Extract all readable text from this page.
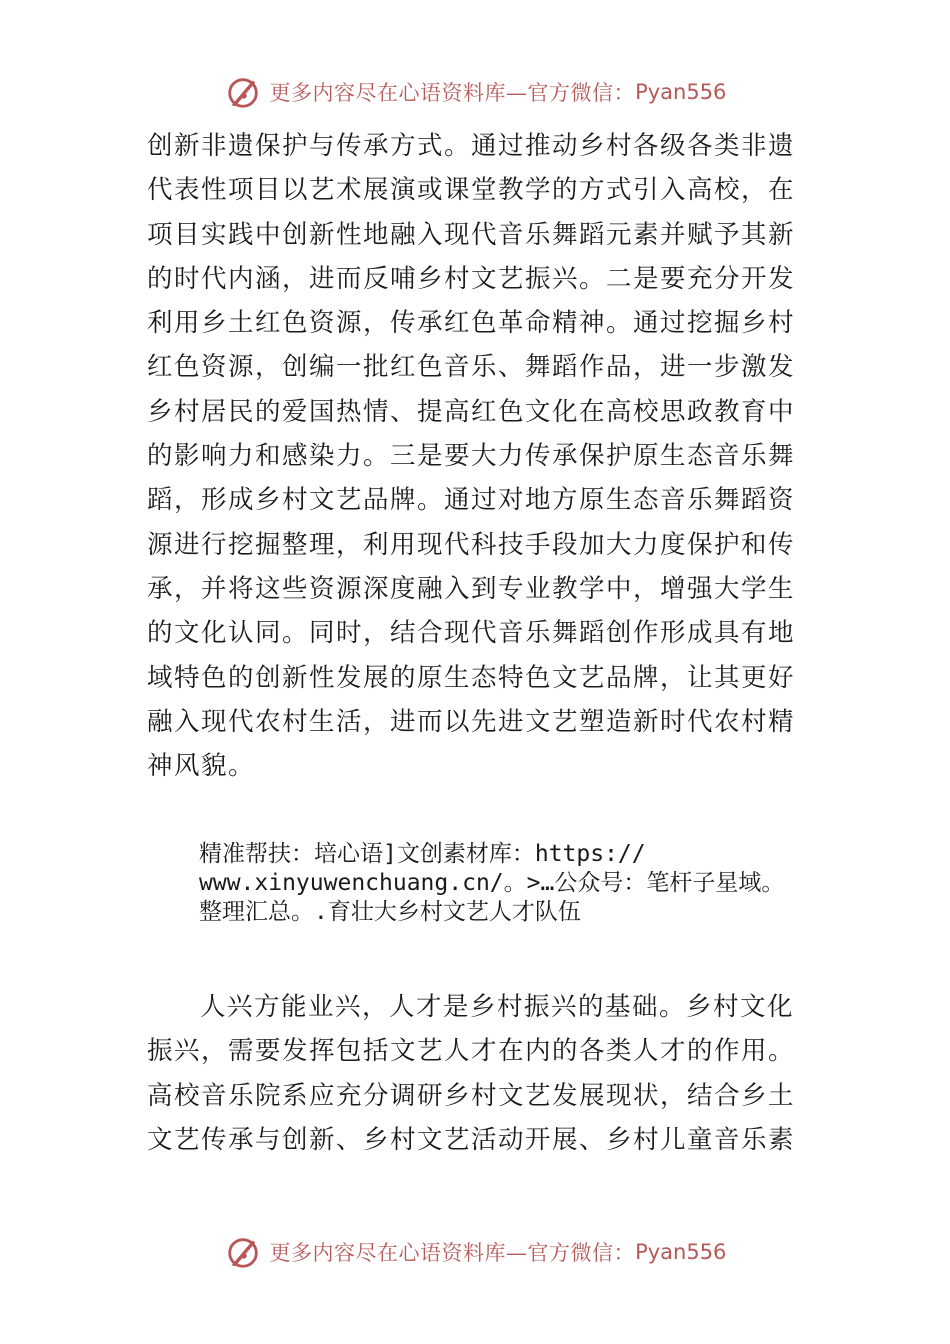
更多内容尽在心语资料库—官方微信： Pyan556

创新非遗保护与传承方式。通过推动乡村各级各类非遗代表性项目以艺术展演或课堂教学的方式引入高校，在项目实践中创新性地融入现代音乐舞蹈元素并赋予其新的时代内涵，进而反哺乡村文艺振兴。二是要充分开发利用乡土红色资源，传承红色革命精神。通过挖掘乡村红色资源，创编一批红色音乐、舞蹈作品，进一步激发乡村居民的爱国热情、提高红色文化在高校思政教育中的影响力和感染力。三是要大力传承保护原生态音乐舞蹈，形成乡村文艺品牌。通过对地方原生态音乐舞蹈资源进行挖掘整理，利用现代科技手段加大力度保护和传承，并将这些资源深度融入到专业教学中，增强大学生的文化认同。同时，结合现代音乐舞蹈创作形成具有地域特色的创新性发展的原生态特色文艺品牌，让其更好融入现代农村生活，进而以先进文艺塑造新时代农村精神风貌。

精准帮扶：培心语]文创素材库：https://
www.xinyuwenchuang.cn/。>…公众号：笔杆子星域。
整理汇总。.育壮大乡村文艺人才队伍

人兴方能业兴，人才是乡村振兴的基础。乡村文化振兴，需要发挥包括文艺人才在内的各类人才的作用。高校音乐院系应充分调研乡村文艺发展现状，结合乡土文艺传承与创新、乡村文艺活动开展、乡村儿童音乐素

更多内容尽在心语资料库—官方微信： Pyan556
